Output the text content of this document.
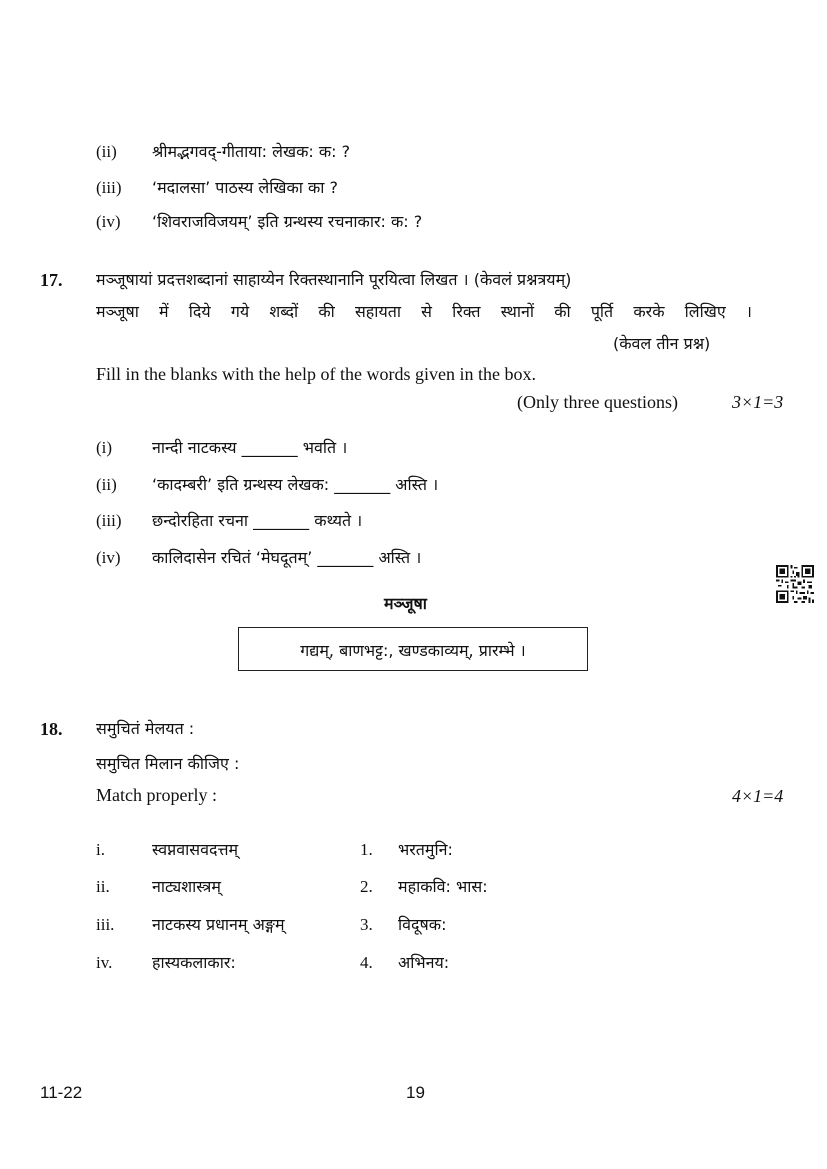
(ii) श्रीमद्भगवद्-गीताया: लेखक: क: ?
(iii) ‘मदालसा’ पाठस्य लेखिका का ?
(iv) ‘शिवराजविजयम्’ इति ग्रन्थस्य रचनाकार: क: ?
17. मञ्जूषायां प्रदत्तशब्दानां साहाय्येन रिक्तस्थानानि पूरयित्वा लिखत । (केवलं प्रश्नत्रयम्)
मञ्जूषा में दिये गये शब्दों की सहायता से रिक्त स्थानों की पूर्ति करके लिखिए ।
(केवल तीन प्रश्न)
Fill in the blanks with the help of the words given in the box.
(Only three questions)	3×1=3
(i) नान्दी नाटकस्य _______ भवति ।
(ii) ‘कादम्बरी’ इति ग्रन्थस्य लेखक: _______ अस्ति ।
(iii) छन्दोरहिता रचना _______ कथ्यते ।
(iv) कालिदासेन रचितं ‘मेघदूतम्’ _______ अस्ति ।
मञ्जूषा
गद्यम्, बाणभट्ट:, खण्डकाव्यम्, प्रारम्भे ।
18. समुचितं मेलयत :
समुचित मिलान कीजिए :
Match properly :	4×1=4
i.	स्वप्नवासवदत्तम्	1. भरतमुनि:
ii.	नाट्यशास्त्रम्	2. महाकवि: भास:
iii. नाटकस्य प्रधानम् अङ्गम्	3. विदूषक:
iv. हास्यकलाकार:	4. अभिनय:
11-22	19
